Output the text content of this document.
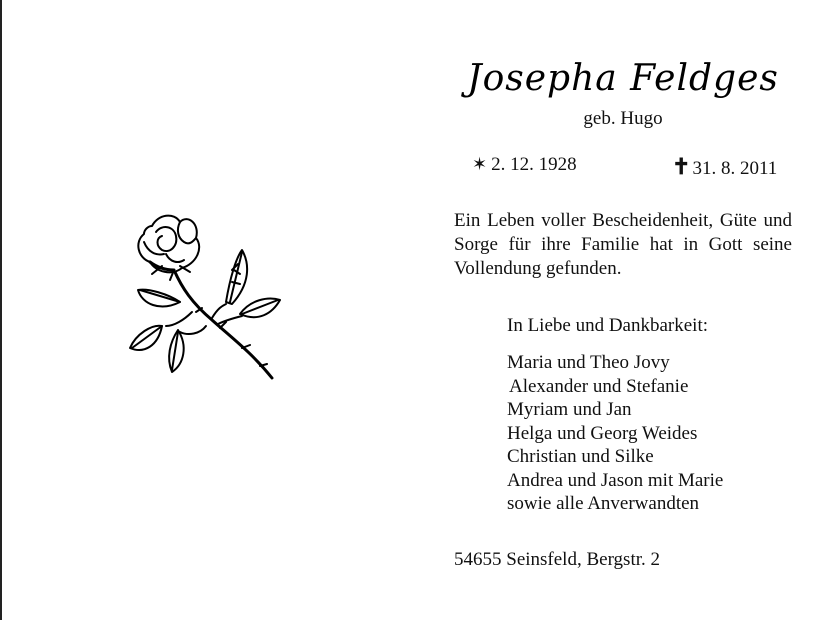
Josepha Feldges
geb. Hugo
✶ 2. 12. 1928	✝ 31. 8. 2011
Ein Leben voller Bescheidenheit, Güte und Sorge für ihre Familie hat in Gott seine Vollendung gefunden.
In Liebe und Dankbarkeit:
Maria und Theo Jovy
Alexander und Stefanie
Myriam und Jan
Helga und Georg Weides
Christian und Silke
Andrea und Jason mit Marie
sowie alle Anverwandten
54655 Seinsfeld, Bergstr. 2
